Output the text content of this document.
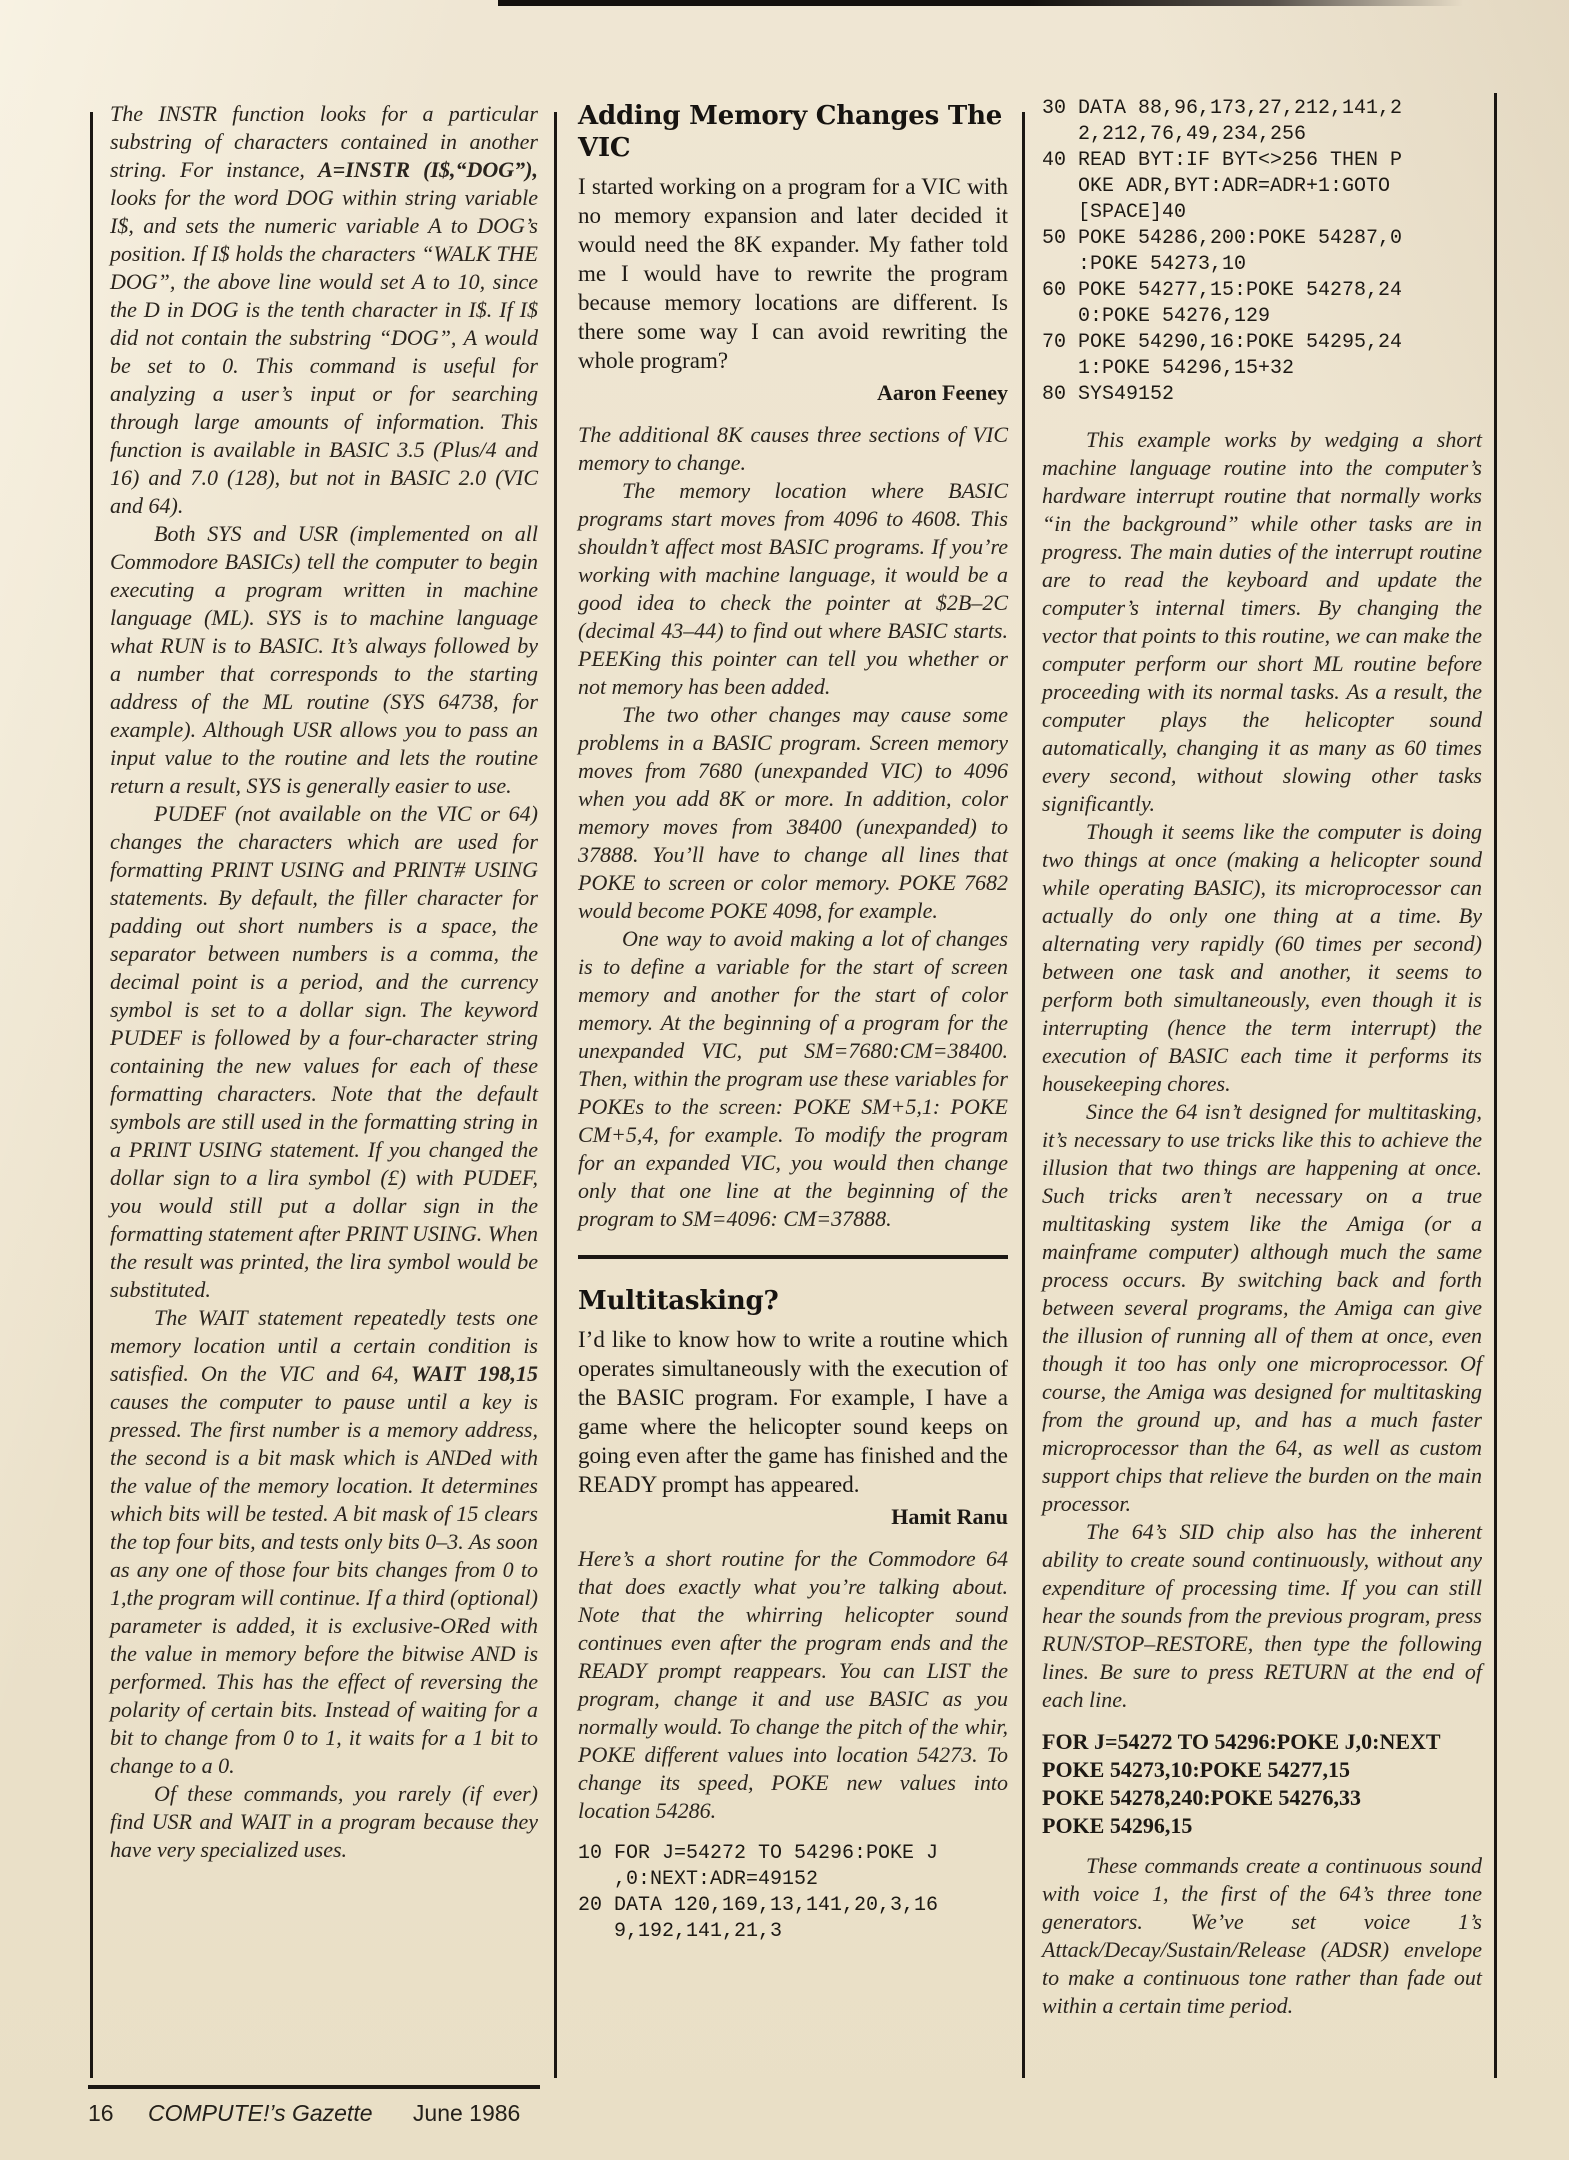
The INSTR function looks for a particular substring of characters contained in another string. For instance, A=INSTR (I$,“DOG”), looks for the word DOG within string variable I$, and sets the numeric variable A to DOG’s position. If I$ holds the characters “WALK THE DOG”, the above line would set A to 10, since the D in DOG is the tenth character in I$. If I$ did not contain the substring “DOG”, A would be set to 0. This command is useful for analyzing a user’s input or for searching through large amounts of information. This function is available in BASIC 3.5 (Plus/4 and 16) and 7.0 (128), but not in BASIC 2.0 (VIC and 64).

Both SYS and USR (implemented on all Commodore BASICs) tell the computer to begin executing a program written in machine language (ML). SYS is to machine language what RUN is to BASIC. It’s always followed by a number that corresponds to the starting address of the ML routine (SYS 64738, for example). Although USR allows you to pass an input value to the routine and lets the routine return a result, SYS is generally easier to use.

PUDEF (not available on the VIC or 64) changes the characters which are used for formatting PRINT USING and PRINT# USING statements. By default, the filler character for padding out short numbers is a space, the separator between numbers is a comma, the decimal point is a period, and the currency symbol is set to a dollar sign. The keyword PUDEF is followed by a four-character string containing the new values for each of these formatting characters. Note that the default symbols are still used in the formatting string in a PRINT USING statement. If you changed the dollar sign to a lira symbol (£) with PUDEF, you would still put a dollar sign in the formatting statement after PRINT USING. When the result was printed, the lira symbol would be substituted.

The WAIT statement repeatedly tests one memory location until a certain condition is satisfied. On the VIC and 64, WAIT 198,15 causes the computer to pause until a key is pressed. The first number is a memory address, the second is a bit mask which is ANDed with the value of the memory location. It determines which bits will be tested. A bit mask of 15 clears the top four bits, and tests only bits 0–3. As soon as any one of those four bits changes from 0 to 1,the program will continue. If a third (optional) parameter is added, it is exclusive-ORed with the value in memory before the bitwise AND is performed. This has the effect of reversing the polarity of certain bits. Instead of waiting for a bit to change from 0 to 1, it waits for a 1 bit to change to a 0.

Of these commands, you rarely (if ever) find USR and WAIT in a program because they have very specialized uses.

Adding Memory Changes The VIC

I started working on a program for a VIC with no memory expansion and later decided it would need the 8K expander. My father told me I would have to rewrite the program because memory locations are different. Is there some way I can avoid rewriting the whole program?

Aaron Feeney

The additional 8K causes three sections of VIC memory to change.

The memory location where BASIC programs start moves from 4096 to 4608. This shouldn’t affect most BASIC programs. If you’re working with machine language, it would be a good idea to check the pointer at $2B–2C (decimal 43–44) to find out where BASIC starts. PEEKing this pointer can tell you whether or not memory has been added.

The two other changes may cause some problems in a BASIC program. Screen memory moves from 7680 (unexpanded VIC) to 4096 when you add 8K or more. In addition, color memory moves from 38400 (unexpanded) to 37888. You’ll have to change all lines that POKE to screen or color memory. POKE 7682 would become POKE 4098, for example.

One way to avoid making a lot of changes is to define a variable for the start of screen memory and another for the start of color memory. At the beginning of a program for the unexpanded VIC, put SM=7680:CM=38400. Then, within the program use these variables for POKEs to the screen: POKE SM+5,1: POKE CM+5,4, for example. To modify the program for an expanded VIC, you would then change only that one line at the beginning of the program to SM=4096: CM=37888.

Multitasking?

I’d like to know how to write a routine which operates simultaneously with the execution of the BASIC program. For example, I have a game where the helicopter sound keeps on going even after the game has finished and the READY prompt has appeared.

Hamit Ranu

Here’s a short routine for the Commodore 64 that does exactly what you’re talking about. Note that the whirring helicopter sound continues even after the program ends and the READY prompt reappears. You can LIST the program, change it and use BASIC as you normally would. To change the pitch of the whir, POKE different values into location 54273. To change its speed, POKE new values into location 54286.

10 FOR J=54272 TO 54296:POKE J
,0:NEXT:ADR=49152
20 DATA 120,169,13,141,20,3,16
9,192,141,21,3
30 DATA 88,96,173,27,212,141,2
2,212,76,49,234,256
40 READ BYT:IF BYT<>256 THEN P
OKE ADR,BYT:ADR=ADR+1:GOTO
[SPACE]40
50 POKE 54286,200:POKE 54287,0
:POKE 54273,10
60 POKE 54277,15:POKE 54278,24
0:POKE 54276,129
70 POKE 54290,16:POKE 54295,24
1:POKE 54296,15+32
80 SYS49152

This example works by wedging a short machine language routine into the computer’s hardware interrupt routine that normally works “in the background” while other tasks are in progress. The main duties of the interrupt routine are to read the keyboard and update the computer’s internal timers. By changing the vector that points to this routine, we can make the computer perform our short ML routine before proceeding with its normal tasks. As a result, the computer plays the helicopter sound automatically, changing it as many as 60 times every second, without slowing other tasks significantly.

Though it seems like the computer is doing two things at once (making a helicopter sound while operating BASIC), its microprocessor can actually do only one thing at a time. By alternating very rapidly (60 times per second) between one task and another, it seems to perform both simultaneously, even though it is interrupting (hence the term interrupt) the execution of BASIC each time it performs its housekeeping chores.

Since the 64 isn’t designed for multitasking, it’s necessary to use tricks like this to achieve the illusion that two things are happening at once. Such tricks aren’t necessary on a true multitasking system like the Amiga (or a mainframe computer) although much the same process occurs. By switching back and forth between several programs, the Amiga can give the illusion of running all of them at once, even though it too has only one microprocessor. Of course, the Amiga was designed for multitasking from the ground up, and has a much faster microprocessor than the 64, as well as custom support chips that relieve the burden on the main processor.

The 64’s SID chip also has the inherent ability to create sound continuously, without any expenditure of processing time. If you can still hear the sounds from the previous program, press RUN/STOP–RESTORE, then type the following lines. Be sure to press RETURN at the end of each line.

FOR J=54272 TO 54296:POKE J,0:NEXT
POKE 54273,10:POKE 54277,15
POKE 54278,240:POKE 54276,33
POKE 54296,15

These commands create a continuous sound with voice 1, the first of the 64’s three tone generators. We’ve set voice 1’s Attack/Decay/Sustain/Release (ADSR) envelope to make a continuous tone rather than fade out within a certain time period.

16 COMPUTE!’s Gazette June 1986
